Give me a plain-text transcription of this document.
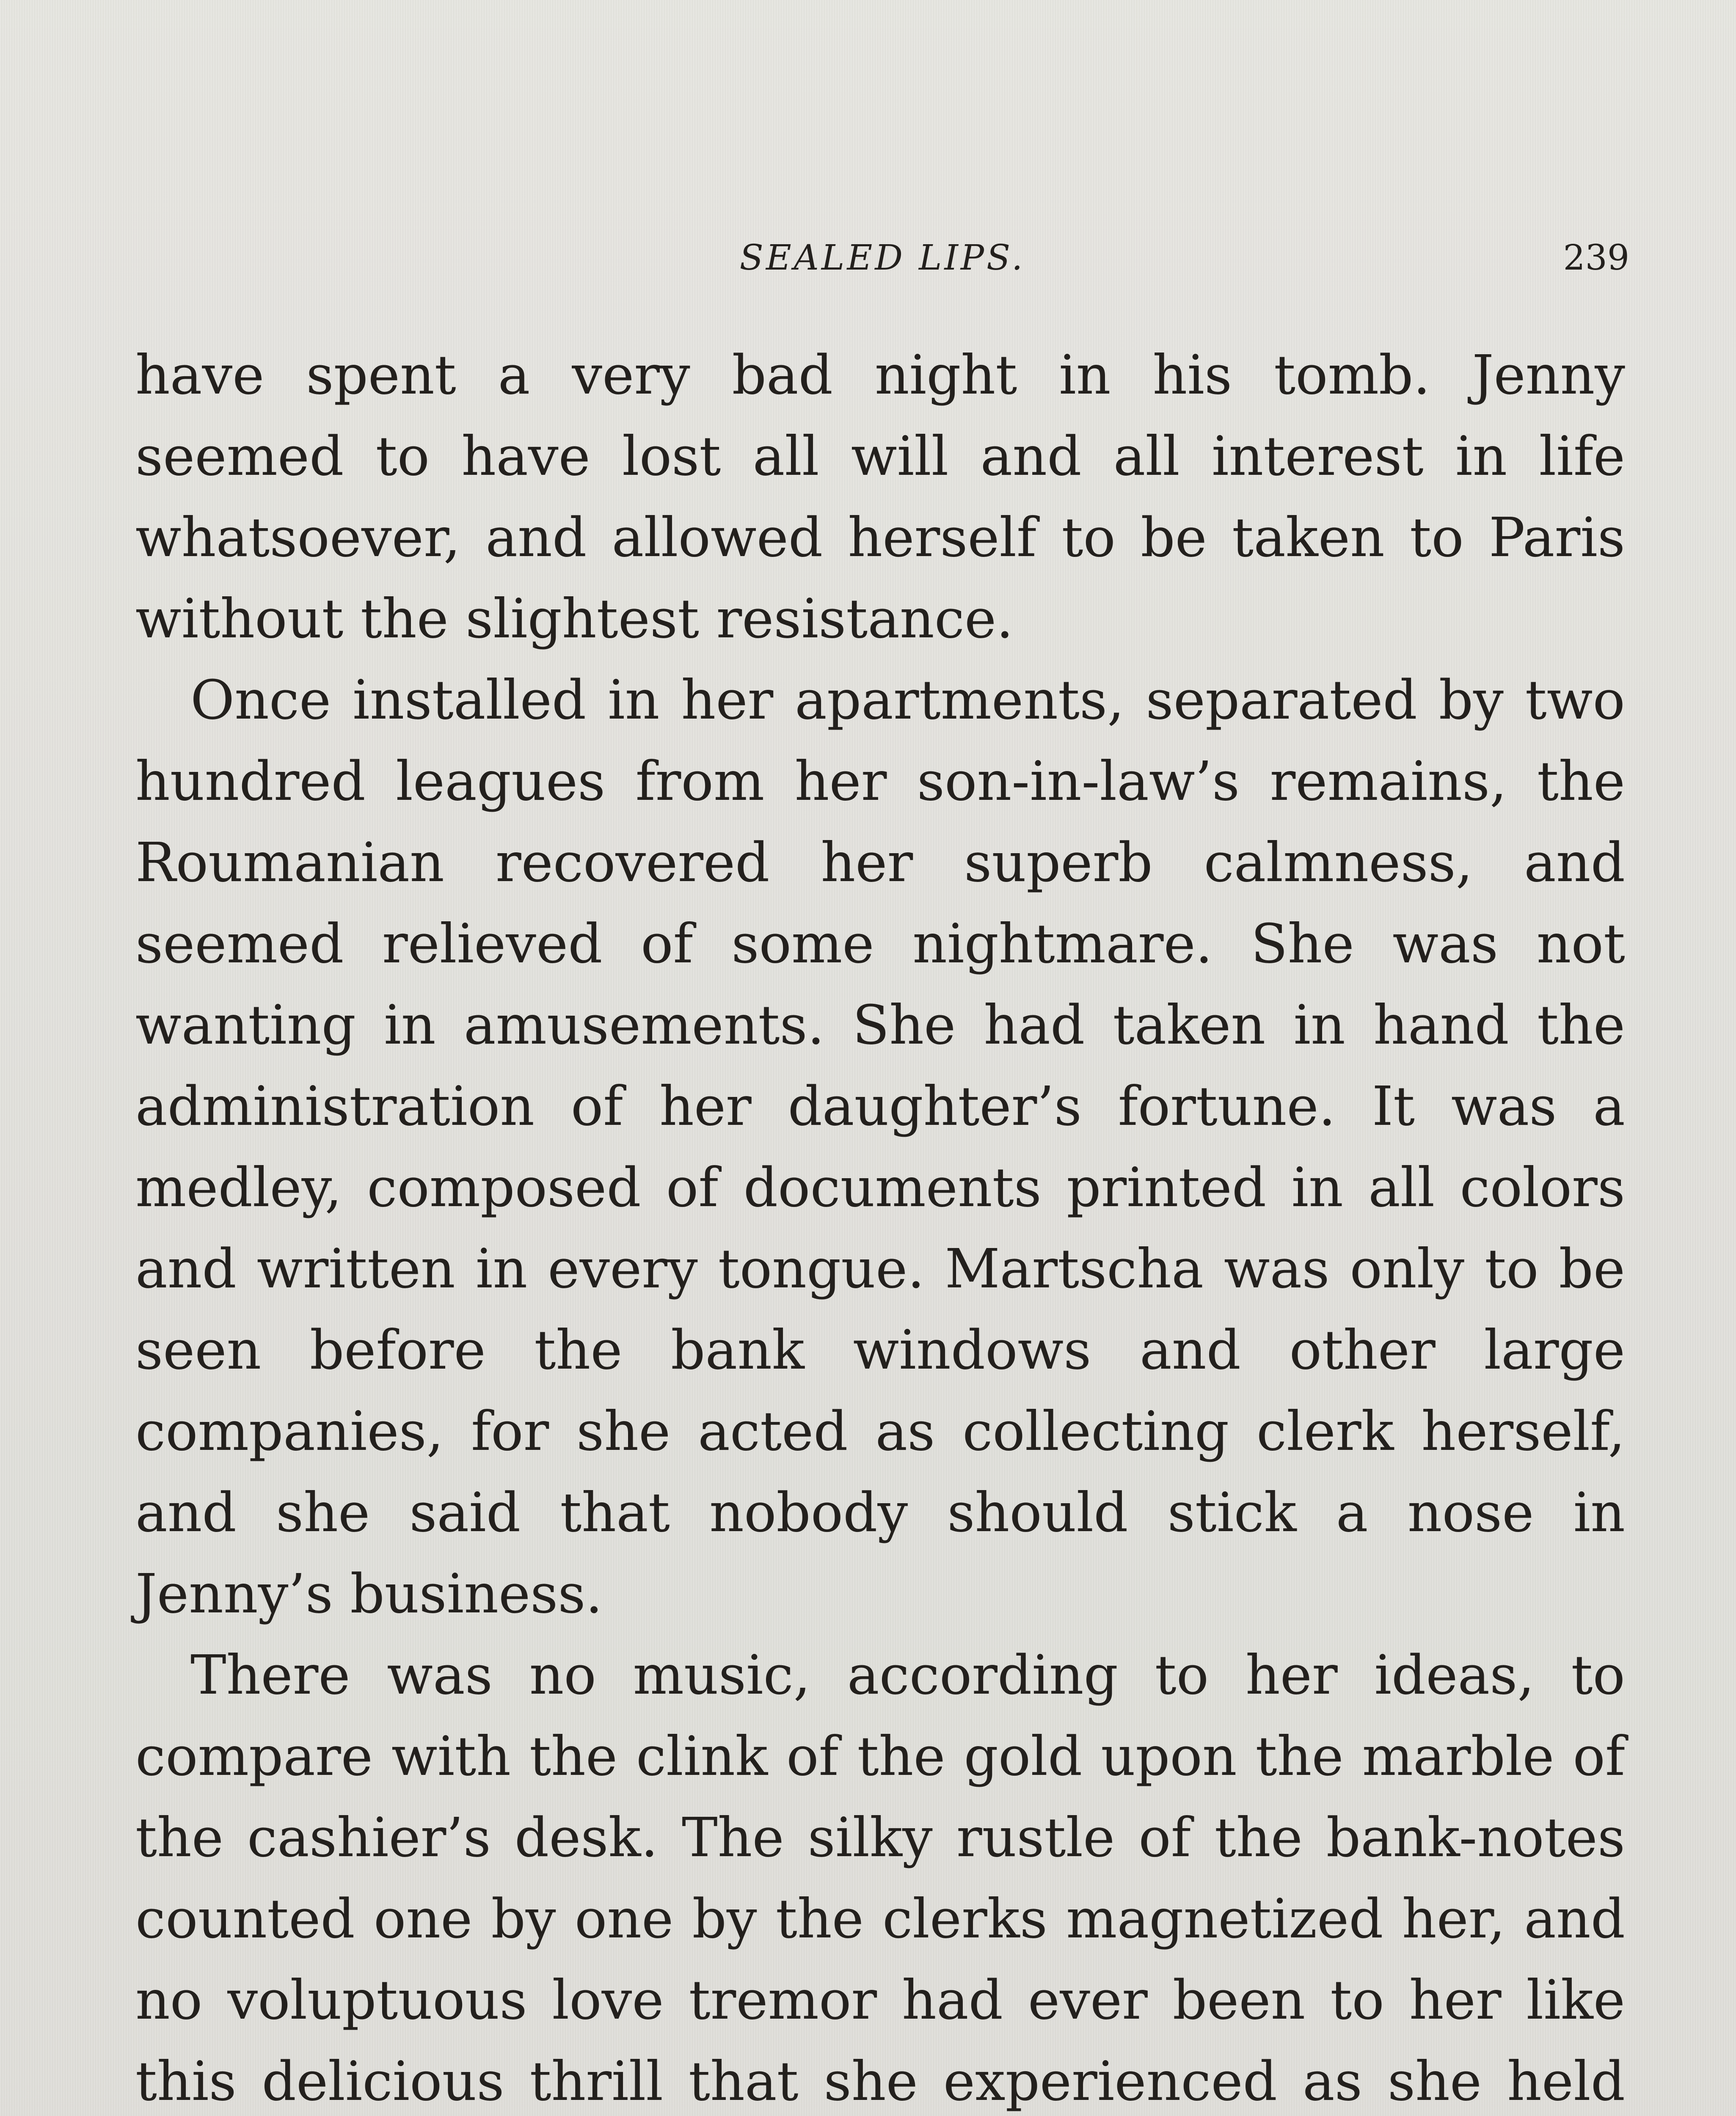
SEALED LIPS.	239

have spent a very bad night in his tomb. Jenny seemed to have lost all will and all interest in life whatsoever, and allowed herself to be taken to Paris without the slightest resistance.

Once installed in her apartments, separated by two hundred leagues from her son-in-law’s remains, the Roumanian recovered her superb calmness, and seemed relieved of some nightmare. She was not wanting in amusements. She had taken in hand the administration of her daughter’s fortune. It was a medley, composed of documents printed in all colors and written in every tongue. Martscha was only to be seen before the bank windows and other large companies, for she acted as collecting clerk herself, and she said that nobody should stick a nose in Jenny’s business.

There was no music, according to her ideas, to compare with the clink of the gold upon the marble of the cashier’s desk. The silky rustle of the bank-notes counted one by one by the clerks magnetized her, and no voluptuous love tremor had ever been to her like this delicious thrill that she experienced as she held
